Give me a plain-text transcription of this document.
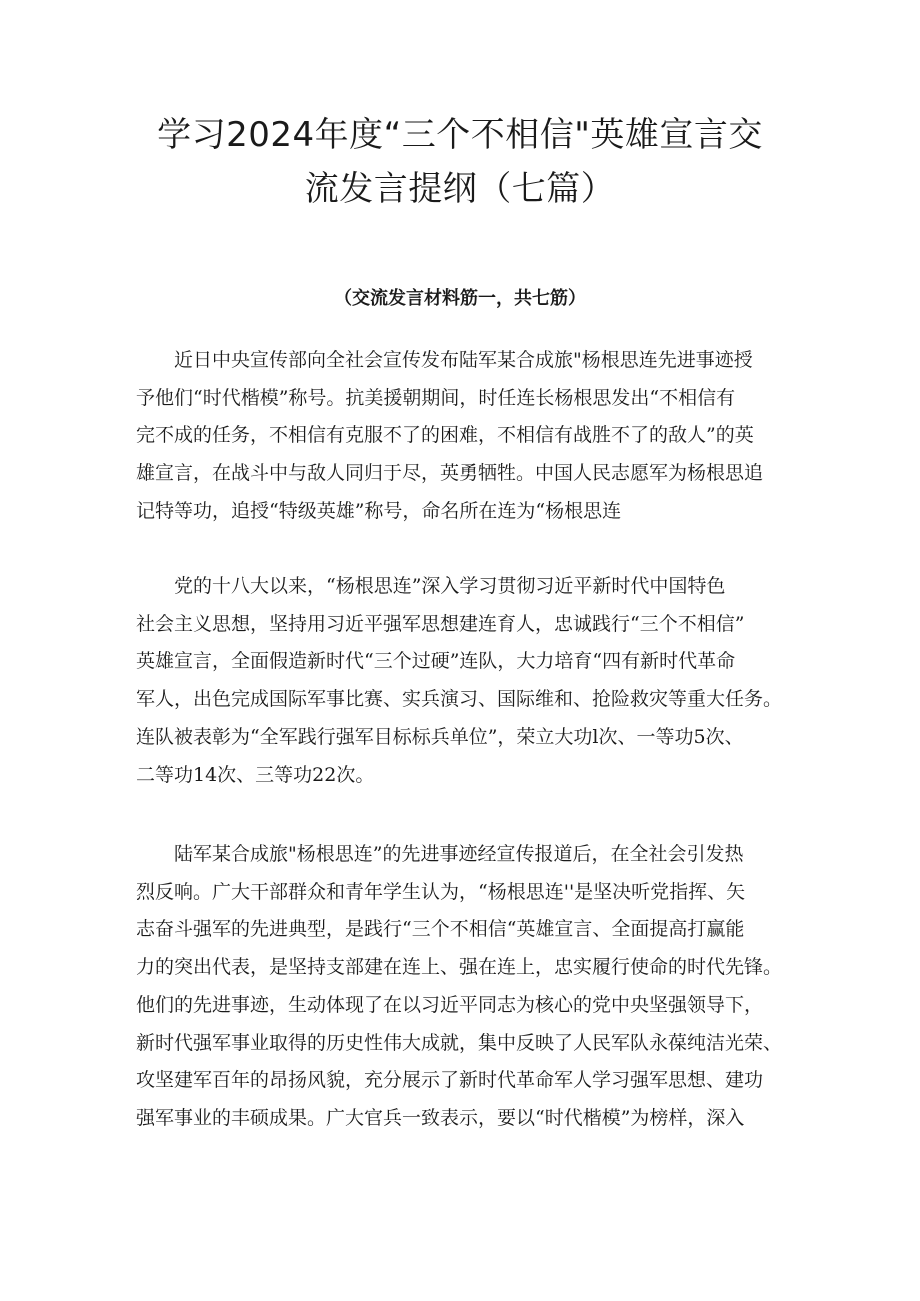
学习2024年度“三个不相信"英雄宣言交
流发言提纲（七篇）

（交流发言材料筋一，共七筋）

近日中央宣传部向全社会宣传发布陆军某合成旅"杨根思连先进事迹授
予他们“时代楷模”称号。抗美援朝期间，时任连长杨根思发出“不相信有
完不成的任务，不相信有克服不了的困难，不相信有战胜不了的敌人”的英
雄宣言，在战斗中与敌人同归于尽，英勇牺牲。中国人民志愿军为杨根思追
记特等功，追授“特级英雄”称号，命名所在连为“杨根思连
党的十八大以来，“杨根思连”深入学习贯彻习近平新时代中国特色
社会主义思想，坚持用习近平强军思想建连育人，忠诚践行“三个不相信”
英雄宣言，全面假造新时代“三个过硬”连队，大力培育“四有新时代革命
军人，出色完成国际军事比赛、实兵演习、国际维和、抢险救灾等重大任务。
连队被表彰为“全军践行强军目标标兵单位”，荣立大功l次、一等功5次、
二等功14次、三等功22次。
陆军某合成旅"杨根思连”的先进事迹经宣传报道后，在全社会引发热
烈反响。广大干部群众和青年学生认为，“杨根思连''是坚决听党指挥、矢
志奋斗强军的先进典型，是践行“三个不相信“英雄宣言、全面提高打赢能
力的突出代表，是坚持支部建在连上、强在连上，忠实履行使命的时代先锋。
他们的先进事迹，生动体现了在以习近平同志为核心的党中央坚强领导下，
新时代强军事业取得的历史性伟大成就，集中反映了人民军队永葆纯洁光荣、
攻坚建军百年的昂扬风貌，充分展示了新时代革命军人学习强军思想、建功
强军事业的丰硕成果。广大官兵一致表示，要以“时代楷模”为榜样，深入
